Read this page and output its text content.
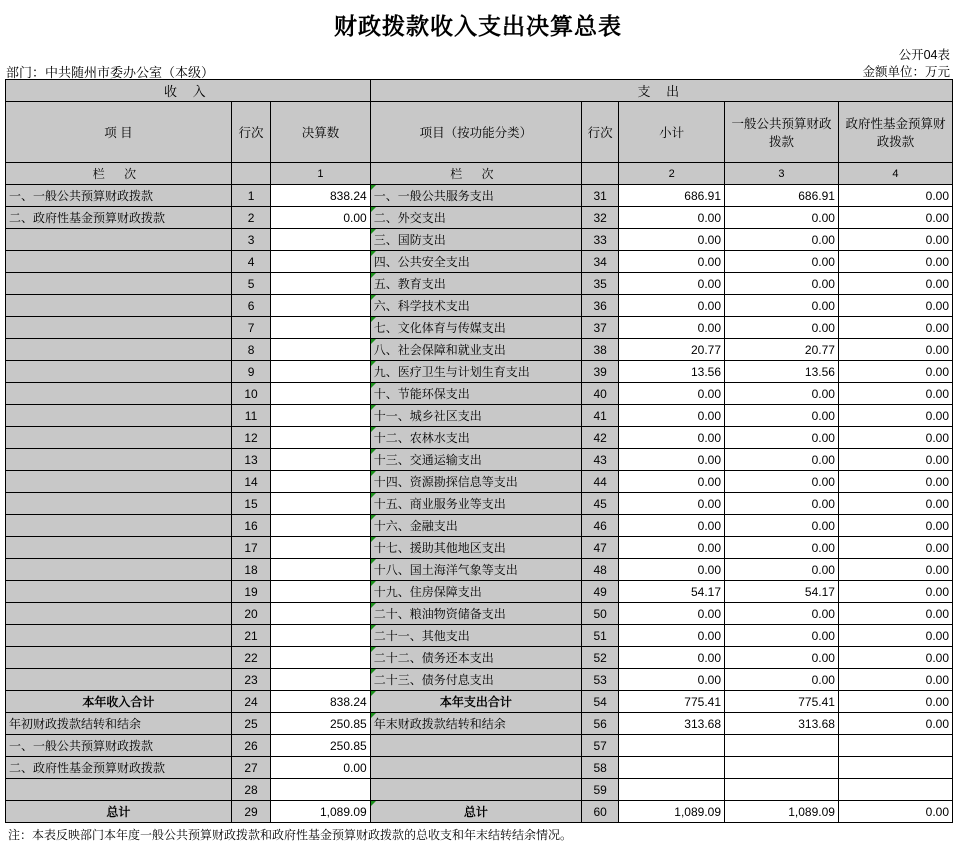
财政拨款收入支出决算总表
公开04表
金额单位：万元
部门：中共随州市委办公室（本级）
收 入			支 出				
项 目	行次	决算数	项目（按功能分类）	行次	小计	一般公共预算财政拨款	政府性基金预算财政拨款
栏 次		1	栏 次		2	3	4
一、一般公共预算财政拨款	1	838.24	一、一般公共服务支出	31	686.91	686.91	0.00
二、政府性基金预算财政拨款	2	0.00	二、外交支出	32	0.00	0.00	0.00
	3		三、国防支出	33	0.00	0.00	0.00
	4		四、公共安全支出	34	0.00	0.00	0.00
	5		五、教育支出	35	0.00	0.00	0.00
	6		六、科学技术支出	36	0.00	0.00	0.00
	7		七、文化体育与传媒支出	37	0.00	0.00	0.00
	8		八、社会保障和就业支出	38	20.77	20.77	0.00
	9		九、医疗卫生与计划生育支出	39	13.56	13.56	0.00
	10		十、节能环保支出	40	0.00	0.00	0.00
	11		十一、城乡社区支出	41	0.00	0.00	0.00
	12		十二、农林水支出	42	0.00	0.00	0.00
	13		十三、交通运输支出	43	0.00	0.00	0.00
	14		十四、资源勘探信息等支出	44	0.00	0.00	0.00
	15		十五、商业服务业等支出	45	0.00	0.00	0.00
	16		十六、金融支出	46	0.00	0.00	0.00
	17		十七、援助其他地区支出	47	0.00	0.00	0.00
	18		十八、国土海洋气象等支出	48	0.00	0.00	0.00
	19		十九、住房保障支出	49	54.17	54.17	0.00
	20		二十、粮油物资储备支出	50	0.00	0.00	0.00
	21		二十一、其他支出	51	0.00	0.00	0.00
	22		二十二、债务还本支出	52	0.00	0.00	0.00
	23		二十三、债务付息支出	53	0.00	0.00	0.00
本年收入合计	24	838.24	本年支出合计	54	775.41	775.41	0.00
年初财政拨款结转和结余	25	250.85	年末财政拨款结转和结余	56	313.68	313.68	0.00
一、一般公共预算财政拨款	26	250.85		57			
二、政府性基金预算财政拨款	27	0.00		58			
	28			59			
总计	29	1,089.09	总计	60	1,089.09	1,089.09	0.00
注：本表反映部门本年度一般公共预算财政拨款和政府性基金预算财政拨款的总收支和年末结转结余情况。
